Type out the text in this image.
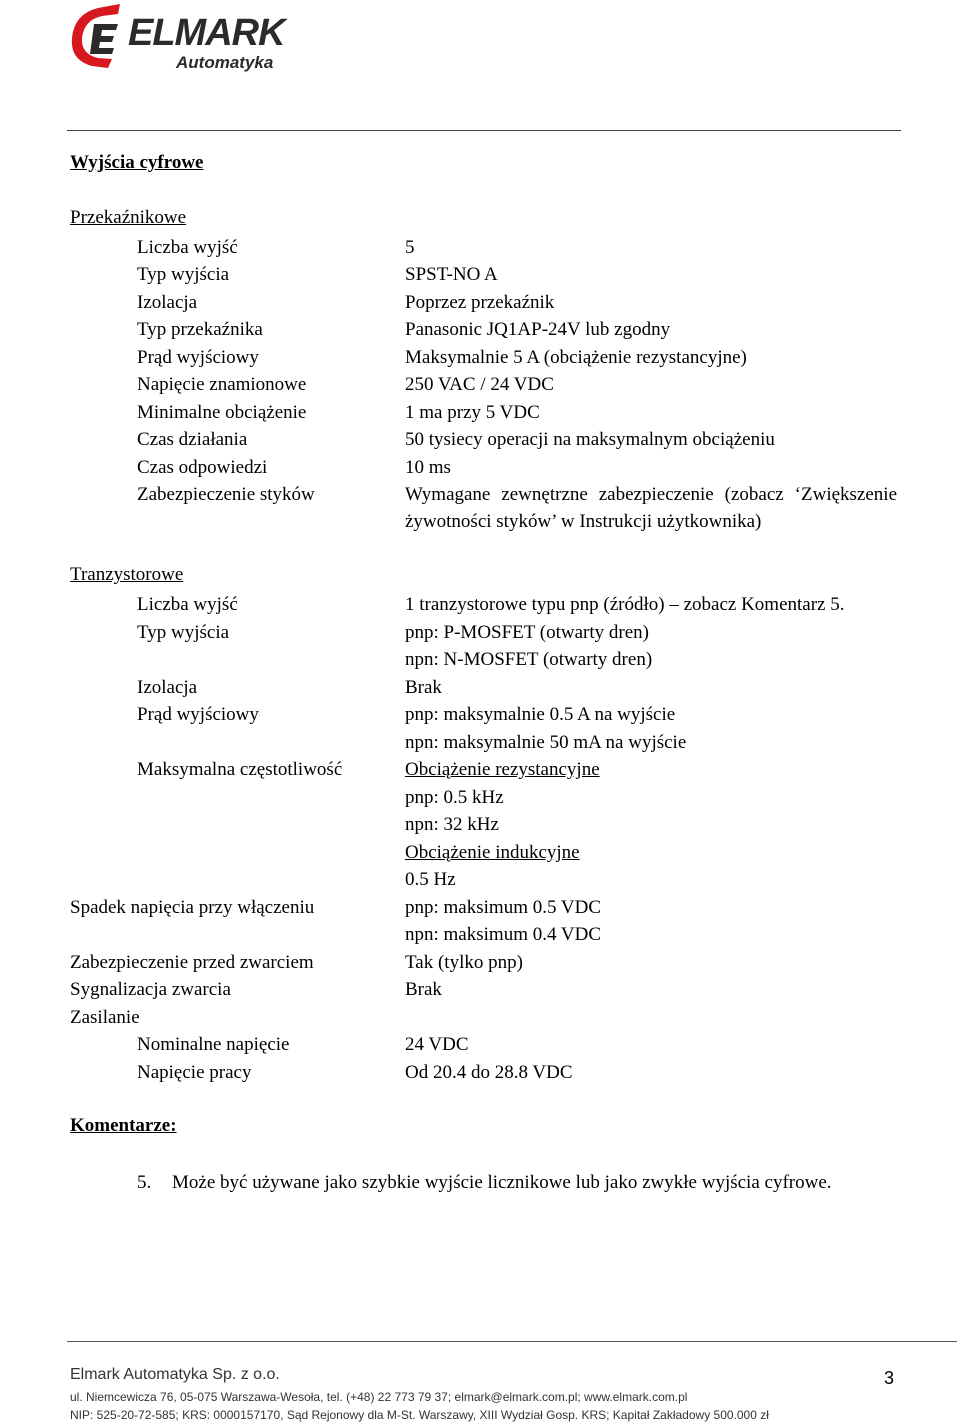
ELMARK
Automatyka
Wyjścia cyfrowe
Przekaźnikowe
Liczba wyjść	5
Typ wyjścia	SPST-NO A
Izolacja	Poprzez przekaźnik
Typ przekaźnika	Panasonic JQ1AP-24V lub zgodny
Prąd wyjściowy	Maksymalnie 5 A (obciążenie rezystancyjne)
Napięcie znamionowe	250 VAC / 24 VDC
Minimalne obciążenie	1 ma przy 5 VDC
Czas działania	50 tysiecy operacji na maksymalnym obciążeniu
Czas odpowiedzi	10 ms
Zabezpieczenie styków	Wymagane zewnętrzne zabezpieczenie (zobacz ‘Zwiększenie żywotności styków’ w Instrukcji użytkownika)
Tranzystorowe
Liczba wyjść	1 tranzystorowe typu pnp (źródło) – zobacz Komentarz 5.
Typ wyjścia	pnp: P-MOSFET (otwarty dren)
npn: N-MOSFET (otwarty dren)
Izolacja	Brak
Prąd wyjściowy	pnp: maksymalnie 0.5 A na wyjście
npn: maksymalnie 50 mA na wyjście
Maksymalna częstotliwość	Obciążenie rezystancyjne
pnp: 0.5 kHz
npn: 32 kHz
Obciążenie indukcyjne
0.5 Hz
Spadek napięcia przy włączeniu	pnp: maksimum 0.5 VDC
npn: maksimum 0.4 VDC
Zabezpieczenie przed zwarciem	Tak (tylko pnp)
Sygnalizacja zwarcia	Brak
Zasilanie
Nominalne napięcie	24 VDC
Napięcie pracy	Od 20.4 do 28.8 VDC
Komentarze:
5. Może być używane jako szybkie wyjście licznikowe lub jako zwykłe wyjścia cyfrowe.
Elmark Automatyka Sp. z o.o.
ul. Niemcewicza 76, 05-075 Warszawa-Wesoła, tel. (+48) 22 773 79 37; elmark@elmark.com.pl; www.elmark.com.pl
NIP: 525-20-72-585; KRS: 0000157170, Sąd Rejonowy dla M-St. Warszawy, XIII Wydział Gosp. KRS; Kapitał Zakładowy 500.000 zł
3
